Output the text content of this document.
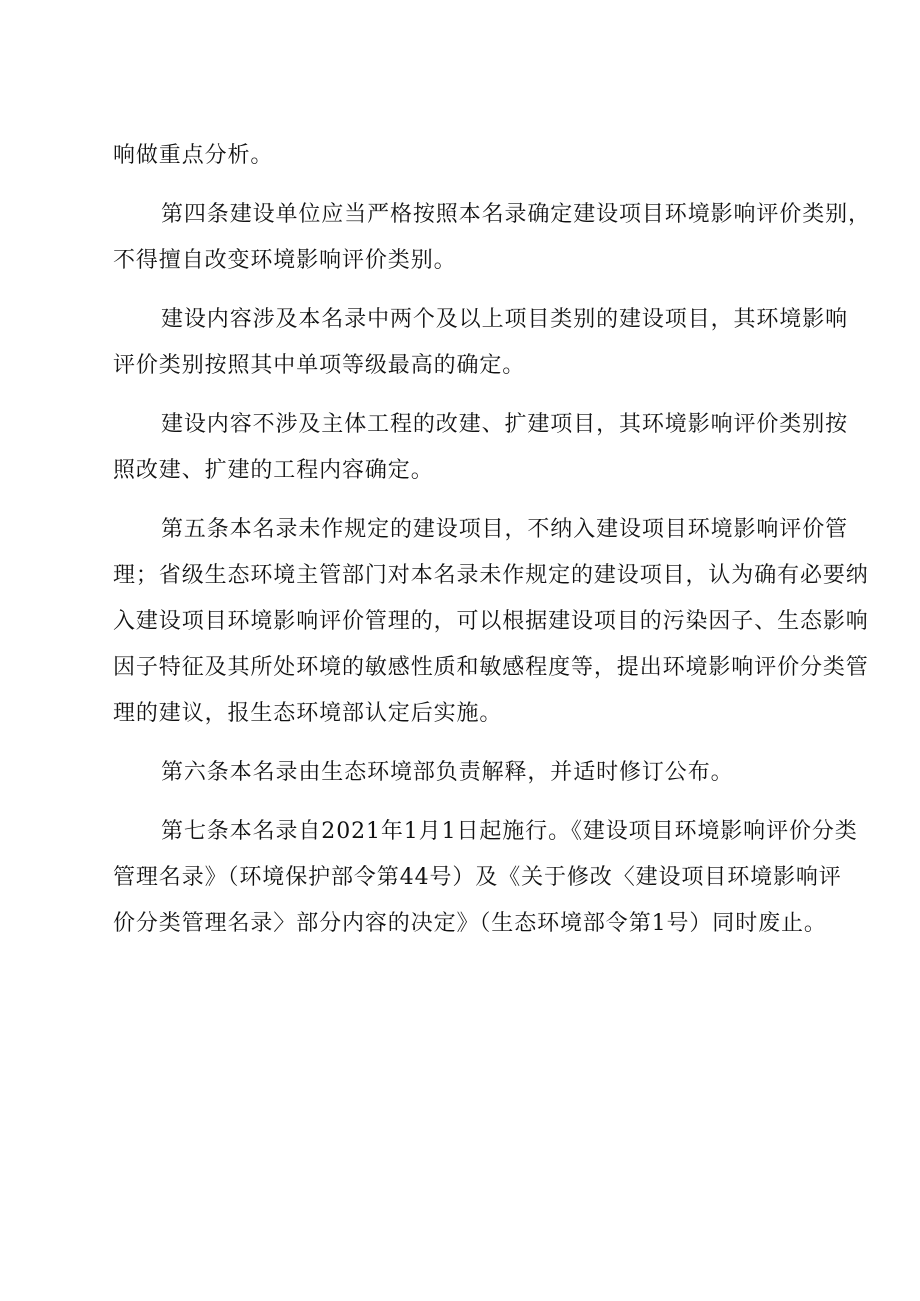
响做重点分析。
第四条建设单位应当严格按照本名录确定建设项目环境影响评价类别，
不得擅自改变环境影响评价类别。
建设内容涉及本名录中两个及以上项目类别的建设项目，其环境影响
评价类别按照其中单项等级最高的确定。
建设内容不涉及主体工程的改建、扩建项目，其环境影响评价类别按
照改建、扩建的工程内容确定。
第五条本名录未作规定的建设项目，不纳入建设项目环境影响评价管
理；省级生态环境主管部门对本名录未作规定的建设项目，认为确有必要纳
入建设项目环境影响评价管理的，可以根据建设项目的污染因子、生态影响
因子特征及其所处环境的敏感性质和敏感程度等，提出环境影响评价分类管
理的建议，报生态环境部认定后实施。
第六条本名录由生态环境部负责解释，并适时修订公布。
第七条本名录自2021年1月1日起施行。《建设项目环境影响评价分类
管理名录》（环境保护部令第44号）及《关于修改〈建设项目环境影响评
价分类管理名录〉部分内容的决定》（生态环境部令第1号）同时废止。
